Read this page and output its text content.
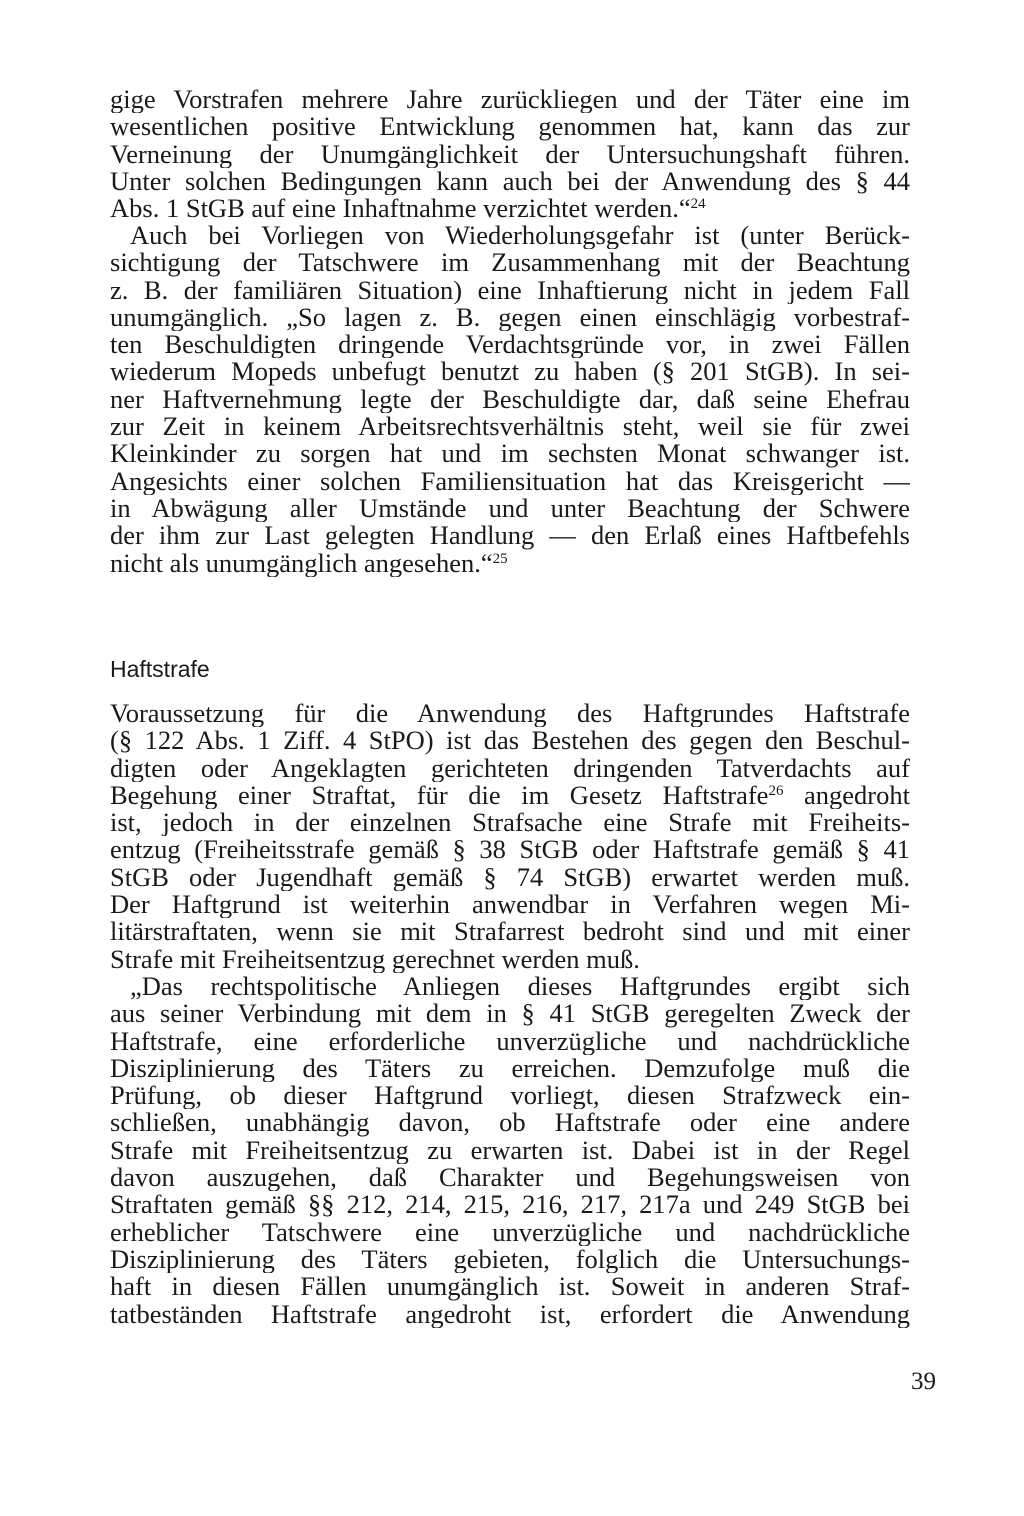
gige Vorstrafen mehrere Jahre zurückliegen und der Täter eine im
wesentlichen positive Entwicklung genommen hat, kann das zur
Verneinung der Unumgänglichkeit der Untersuchungshaft führen.
Unter solchen Bedingungen kann auch bei der Anwendung des § 44
Abs. 1 StGB auf eine Inhaftnahme verzichtet werden.“$^{24}$
Auch bei Vorliegen von Wiederholungsgefahr ist (unter Berück-
sichtigung der Tatschwere im Zusammenhang mit der Beachtung
z. B. der familiären Situation) eine Inhaftierung nicht in jedem Fall
unumgänglich. „So lagen z. B. gegen einen einschlägig vorbestraf-
ten Beschuldigten dringende Verdachtsgründe vor, in zwei Fällen
wiederum Mopeds unbefugt benutzt zu haben (§ 201 StGB). In sei-
ner Haftvernehmung legte der Beschuldigte dar, daß seine Ehefrau
zur Zeit in keinem Arbeitsrechtsverhältnis steht, weil sie für zwei
Kleinkinder zu sorgen hat und im sechsten Monat schwanger ist.
Angesichts einer solchen Familiensituation hat das Kreisgericht —
in Abwägung aller Umstände und unter Beachtung der Schwere
der ihm zur Last gelegten Handlung — den Erlaß eines Haftbefehls
nicht als unumgänglich angesehen.“$^{25}$
Haftstrafe
Voraussetzung für die Anwendung des Haftgrundes Haftstrafe
(§ 122 Abs. 1 Ziff. 4 StPO) ist das Bestehen des gegen den Beschul-
digten oder Angeklagten gerichteten dringenden Tatverdachts auf
Begehung einer Straftat, für die im Gesetz Haftstrafe$^{26}$ angedroht
ist, jedoch in der einzelnen Strafsache eine Strafe mit Freiheits-
entzug (Freiheitsstrafe gemäß § 38 StGB oder Haftstrafe gemäß § 41
StGB oder Jugendhaft gemäß § 74 StGB) erwartet werden muß.
Der Haftgrund ist weiterhin anwendbar in Verfahren wegen Mi-
litärstraftaten, wenn sie mit Strafarrest bedroht sind und mit einer
Strafe mit Freiheitsentzug gerechnet werden muß.
„Das rechtspolitische Anliegen dieses Haftgrundes ergibt sich
aus seiner Verbindung mit dem in § 41 StGB geregelten Zweck der
Haftstrafe, eine erforderliche unverzügliche und nachdrückliche
Disziplinierung des Täters zu erreichen. Demzufolge muß die
Prüfung, ob dieser Haftgrund vorliegt, diesen Strafzweck ein-
schließen, unabhängig davon, ob Haftstrafe oder eine andere
Strafe mit Freiheitsentzug zu erwarten ist. Dabei ist in der Regel
davon auszugehen, daß Charakter und Begehungsweisen von
Straftaten gemäß §§ 212, 214, 215, 216, 217, 217a und 249 StGB bei
erheblicher Tatschwere eine unverzügliche und nachdrückliche
Disziplinierung des Täters gebieten, folglich die Untersuchungs-
haft in diesen Fällen unumgänglich ist. Soweit in anderen Straf-
tatbeständen Haftstrafe angedroht ist, erfordert die Anwendung
39
